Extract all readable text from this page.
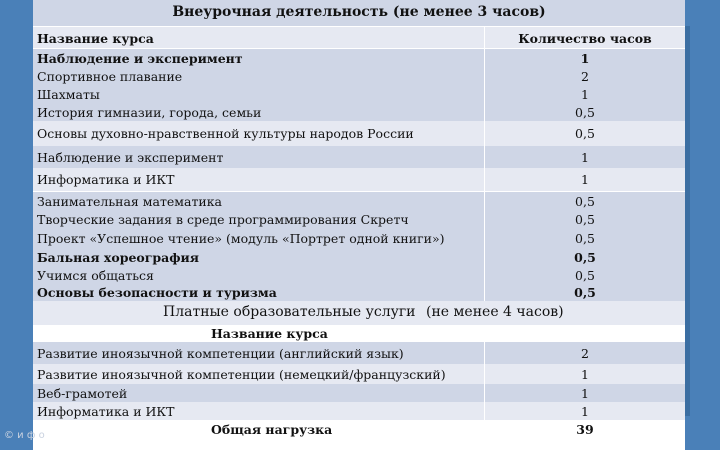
Внеурочная деятельность (не менее 3 часов)
Название курса	Количество часов
Наблюдение и эксперимент	1
Спортивное плавание	2
Шахматы	1
История гимназии, города, семьи	0,5
Основы духовно-нравственной культуры народов России	0,5
Наблюдение и эксперимент	1
Информатика и ИКТ	1
Занимательная математика	0,5
Творческие задания в среде программирования Скретч	0,5
Проект «Успешное чтение» (модуль «Портрет одной книги»)	0,5
Бальная хореография	0,5
Учимся общаться	0,5
Основы безопасности и туризма	0,5
Платные образовательные услуги (не менее 4 часов)
Название курса
Развитие иноязычной компетенции (английский язык)	2
Развитие иноязычной компетенции (немецкий/французский)	1
Веб-грамотей	1
Информатика и ИКТ	1
Общая нагрузка	39
© и ф о
